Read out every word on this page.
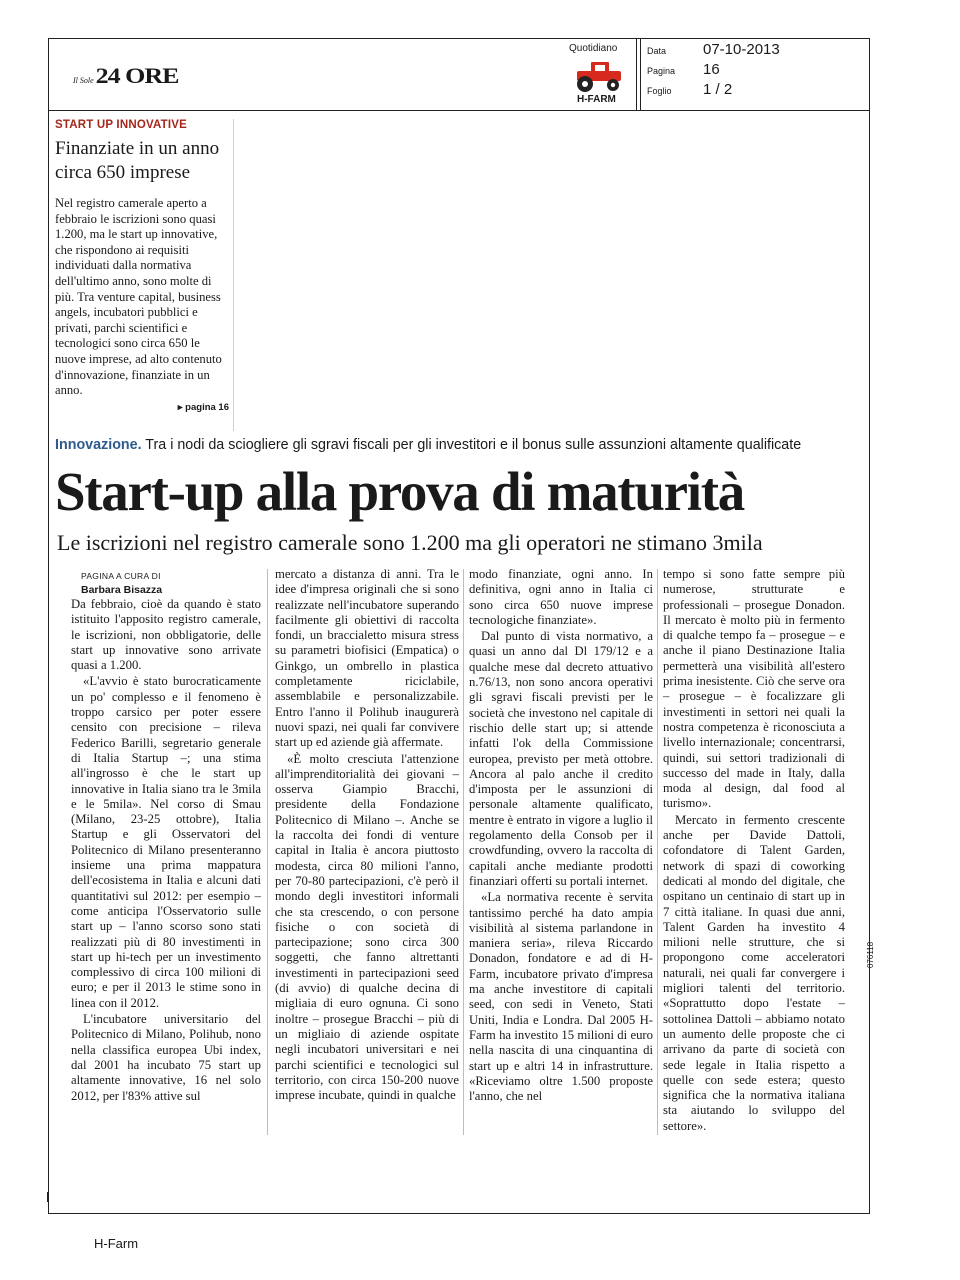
Il Sole 24 ORE
Quotidiano
H-FARM
Data	07-10-2013
Pagina	16
Foglio	1 / 2
START UP INNOVATIVE
Finanziate in un anno
circa 650 imprese
Nel registro camerale aperto a febbraio le iscrizioni sono quasi 1.200, ma le start up innovative, che rispondono ai requisiti individuati dalla normativa dell'ultimo anno, sono molte di più. Tra venture capital, business angels, incubatori pubblici e privati, parchi scientifici e tecnologici sono circa 650 le nuove imprese, ad alto contenuto d'innovazione, finanziate in un anno.
▸ pagina 16
Innovazione. Tra i nodi da sciogliere gli sgravi fiscali per gli investitori e il bonus sulle assunzioni altamente qualificate
Start-up alla prova di maturità
Le iscrizioni nel registro camerale sono 1.200 ma gli operatori ne stimano 3mila
PAGINA A CURA DI
Barbara Bisazza

Da febbraio, cioè da quando è stato istituito l'apposito registro camerale, le iscrizioni, non obbligatorie, delle start up innovative sono arrivate quasi a 1.200.

«L'avvio è stato burocraticamente un po' complesso e il fenomeno è troppo carsico per poter essere censito con precisione – rileva Federico Barilli, segretario generale di Italia Startup –; una stima all'ingrosso è che le start up innovative in Italia siano tra le 3mila e le 5mila». Nel corso di Smau (Milano, 23-25 ottobre), Italia Startup e gli Osservatori del Politecnico di Milano presenteranno insieme una prima mappatura dell'ecosistema in Italia e alcuni dati quantitativi sul 2012: per esempio – come anticipa l'Osservatorio sulle start up – l'anno scorso sono stati realizzati più di 80 investimenti in start up hi-tech per un investimento complessivo di circa 100 milioni di euro; e per il 2013 le stime sono in linea con il 2012.

L'incubatore universitario del Politecnico di Milano, Polihub, nono nella classifica europea Ubi index, dal 2001 ha incubato 75 start up altamente innovative, 16 nel solo 2012, per l'83% attive sul

mercato a distanza di anni. Tra le idee d'impresa originali che si sono realizzate nell'incubatore superando facilmente gli obiettivi di raccolta fondi, un braccialetto misura stress su parametri biofisici (Empatica) o Ginkgo, un ombrello in plastica completamente riciclabile, assemblabile e personalizzabile. Entro l'anno il Polihub inaugurerà nuovi spazi, nei quali far convivere start up ed aziende già affermate.

«È molto cresciuta l'attenzione all'imprenditorialità dei giovani – osserva Giampio Bracchi, presidente della Fondazione Politecnico di Milano –. Anche se la raccolta dei fondi di venture capital in Italia è ancora piuttosto modesta, circa 80 milioni l'anno, per 70-80 partecipazioni, c'è però il mondo degli investitori informali che sta crescendo, o con persone fisiche o con società di partecipazione; sono circa 300 soggetti, che fanno altrettanti investimenti in partecipazioni seed (di avvio) di qualche decina di migliaia di euro ognuna. Ci sono inoltre – prosegue Bracchi – più di un migliaio di aziende ospitate negli incubatori universitari e nei parchi scientifici e tecnologici sul territorio, con circa 150-200 nuove imprese incubate, quindi in qualche

modo finanziate, ogni anno. In definitiva, ogni anno in Italia ci sono circa 650 nuove imprese tecnologiche finanziate».

Dal punto di vista normativo, a quasi un anno dal Dl 179/12 e a qualche mese dal decreto attuativo n.76/13, non sono ancora operativi gli sgravi fiscali previsti per le società che investono nel capitale di rischio delle start up; si attende infatti l'ok della Commissione europea, previsto per metà ottobre. Ancora al palo anche il credito d'imposta per le assunzioni di personale altamente qualificato, mentre è entrato in vigore a luglio il regolamento della Consob per il crowdfunding, ovvero la raccolta di capitali anche mediante prodotti finanziari offerti su portali internet.

«La normativa recente è servita tantissimo perché ha dato ampia visibilità al sistema parlandone in maniera seria», rileva Riccardo Donadon, fondatore e ad di H-Farm, incubatore privato d'impresa ma anche investitore di capitali seed, con sedi in Veneto, Stati Uniti, India e Londra. Dal 2005 H-Farm ha investito 15 milioni di euro nella nascita di una cinquantina di start up e altri 14 in infrastrutture. «Riceviamo oltre 1.500 proposte l'anno, che nel

tempo si sono fatte sempre più numerose, strutturate e professionali – prosegue Donadon. Il mercato è molto più in fermento di qualche tempo fa – prosegue – e anche il piano Destinazione Italia permetterà una visibilità all'estero prima inesistente. Ciò che serve ora – prosegue – è focalizzare gli investimenti in settori nei quali la nostra competenza è riconosciuta a livello internazionale; concentrarsi, quindi, sui settori tradizionali di successo del made in Italy, dalla moda al design, dal food al turismo».

Mercato in fermento crescente anche per Davide Dattoli, cofondatore di Talent Garden, network di spazi di coworking dedicati al mondo del digitale, che ospitano un centinaio di start up in 7 città italiane. In quasi due anni, Talent Garden ha investito 4 milioni nelle strutture, che si propongono come acceleratori naturali, nei quali far convergere i migliori talenti del territorio. «Soprattutto dopo l'estate – sottolinea Dattoli – abbiamo notato un aumento delle proposte che ci arrivano da parte di società con sede legale in Italia rispetto a quelle con sede estera; questo significa che la normativa italiana sta aiutando lo sviluppo del settore».

076118
H-Farm
